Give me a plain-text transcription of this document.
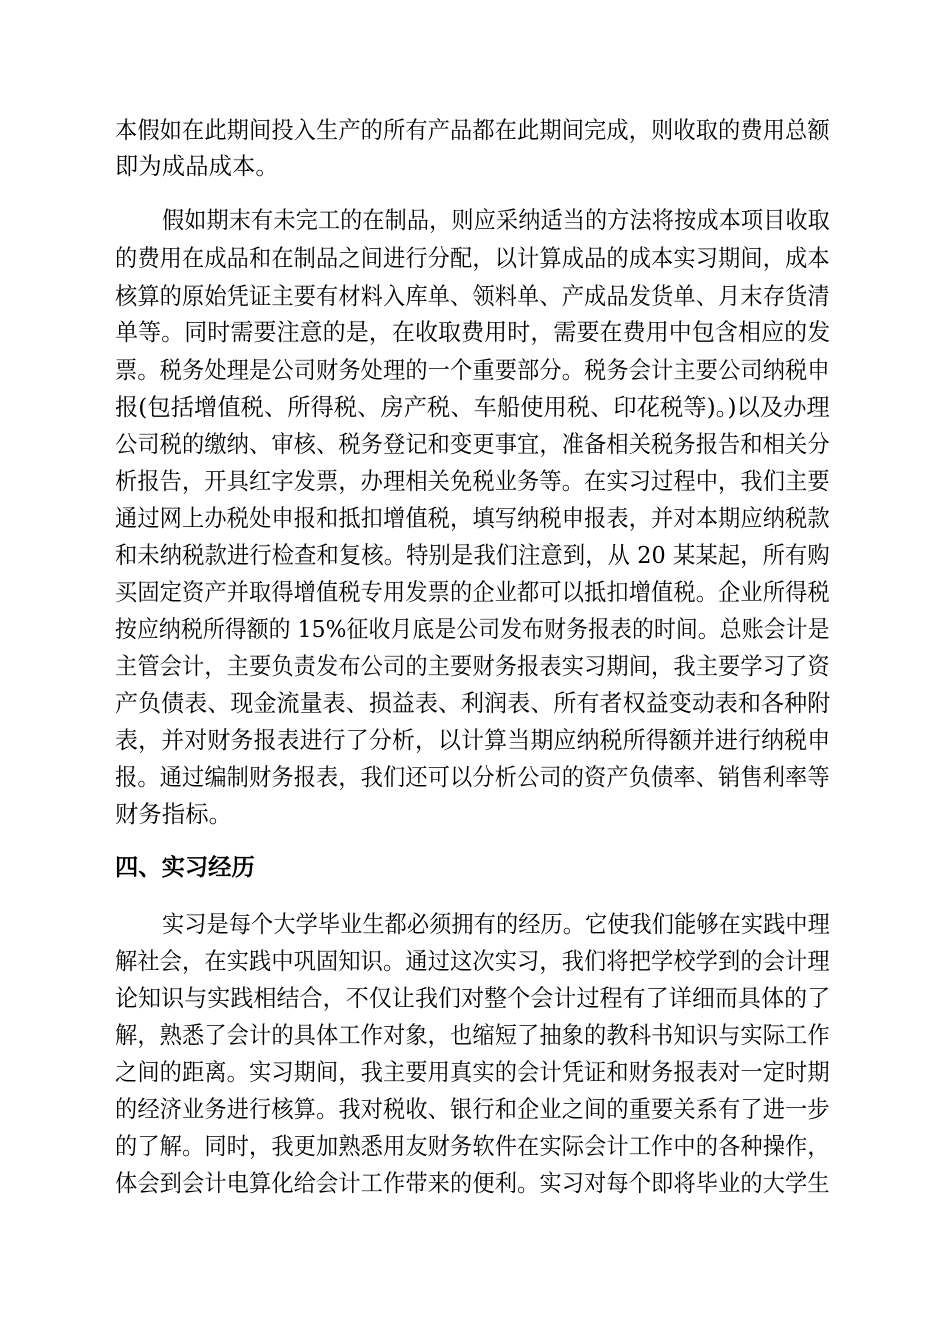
本假如在此期间投入生产的所有产品都在此期间完成，则收取的费用总额
即为成品成本。
假如期末有未完工的在制品，则应采纳适当的方法将按成本项目收取
的费用在成品和在制品之间进行分配，以计算成品的成本实习期间，成本
核算的原始凭证主要有材料入库单、领料单、产成品发货单、月末存货清
单等。同时需要注意的是，在收取费用时，需要在费用中包含相应的发
票。税务处理是公司财务处理的一个重要部分。税务会计主要公司纳税申
报(包括增值税、所得税、房产税、车船使用税、印花税等)。)以及办理
公司税的缴纳、审核、税务登记和变更事宜，准备相关税务报告和相关分
析报告，开具红字发票，办理相关免税业务等。在实习过程中，我们主要
通过网上办税处申报和抵扣增值税，填写纳税申报表，并对本期应纳税款
和未纳税款进行检查和复核。特别是我们注意到，从 20 某某起，所有购
买固定资产并取得增值税专用发票的企业都可以抵扣增值税。企业所得税
按应纳税所得额的 15%征收月底是公司发布财务报表的时间。总账会计是
主管会计，主要负责发布公司的主要财务报表实习期间，我主要学习了资
产负债表、现金流量表、损益表、利润表、所有者权益变动表和各种附
表，并对财务报表进行了分析，以计算当期应纳税所得额并进行纳税申
报。通过编制财务报表，我们还可以分析公司的资产负债率、销售利率等
财务指标。
四、实习经历
实习是每个大学毕业生都必须拥有的经历。它使我们能够在实践中理
解社会，在实践中巩固知识。通过这次实习，我们将把学校学到的会计理
论知识与实践相结合，不仅让我们对整个会计过程有了详细而具体的了
解，熟悉了会计的具体工作对象，也缩短了抽象的教科书知识与实际工作
之间的距离。实习期间，我主要用真实的会计凭证和财务报表对一定时期
的经济业务进行核算。我对税收、银行和企业之间的重要关系有了进一步
的了解。同时，我更加熟悉用友财务软件在实际会计工作中的各种操作，
体会到会计电算化给会计工作带来的便利。实习对每个即将毕业的大学生
